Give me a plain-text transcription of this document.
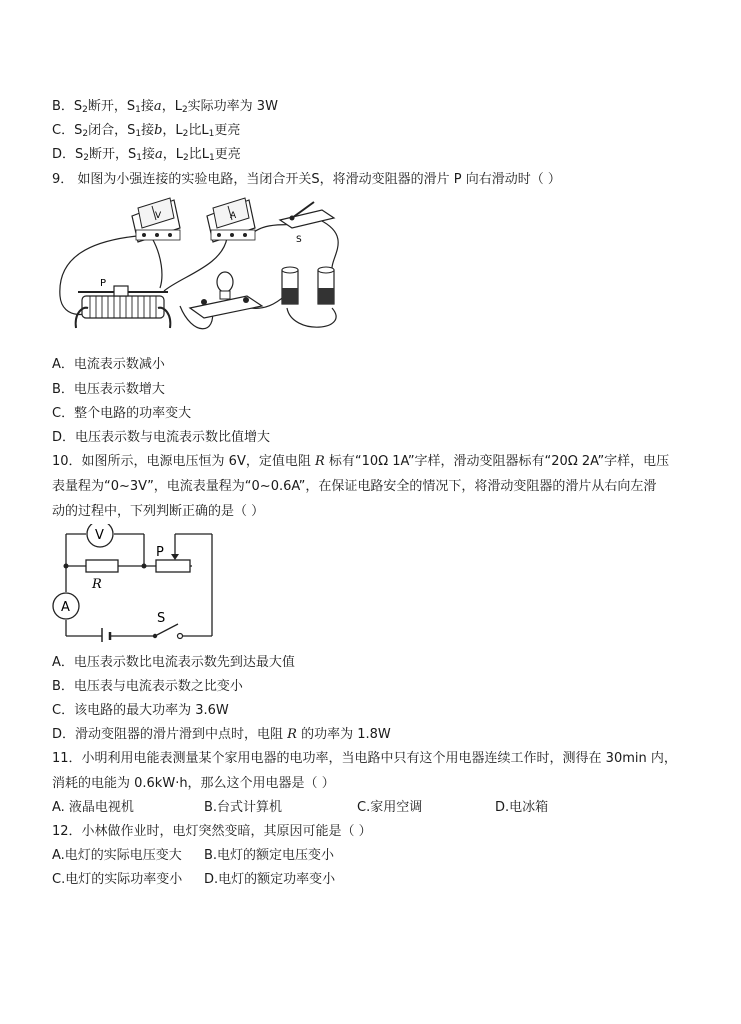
B．$S_2$断开，$S_1$接a，$L_2$实际功率为 3W
C．$S_2$闭合，$S_1$接b，$L_2$比$L_1$更亮
D．$S_2$断开，$S_1$接a，$L_2$比$L_1$更亮
9． 如图为小强连接的实验电路，当闭合开关S，将滑动变阻器的滑片 P 向右滑动时（ ）
V	A
S
P
A．电流表示数减小
B．电压表示数增大
C．整个电路的功率变大
D．电压表示数与电流表示数比值增大
10．如图所示，电源电压恒为 6V，定值电阻 R 标有“10Ω 1A”字样，滑动变阻器标有“20Ω 2A”字样，电压
表量程为“0~3V”，电流表量程为“0~0.6A”，在保证电路安全的情况下，将滑动变阻器的滑片从右向左滑
动的过程中，下列判断正确的是（ ）
V
A
P
R
S
A．电压表示数比电流表示数先到达最大值
B．电压表与电流表示数之比变小
C．该电路的最大功率为 3.6W
D．滑动变阻器的滑片滑到中点时，电阻 R 的功率为 1.8W
11．小明利用电能表测量某个家用电器的电功率，当电路中只有这个用电器连续工作时，测得在 30min 内，
消耗的电能为 0.6kW·h，那么这个用电器是（ ）
A. 液晶电视机	B.台式计算机	C.家用空调	D.电冰箱
12．小林做作业时，电灯突然变暗，其原因可能是（ ）
A.电灯的实际电压变大 B.电灯的额定电压变小
C.电灯的实际功率变小 D.电灯的额定功率变小
